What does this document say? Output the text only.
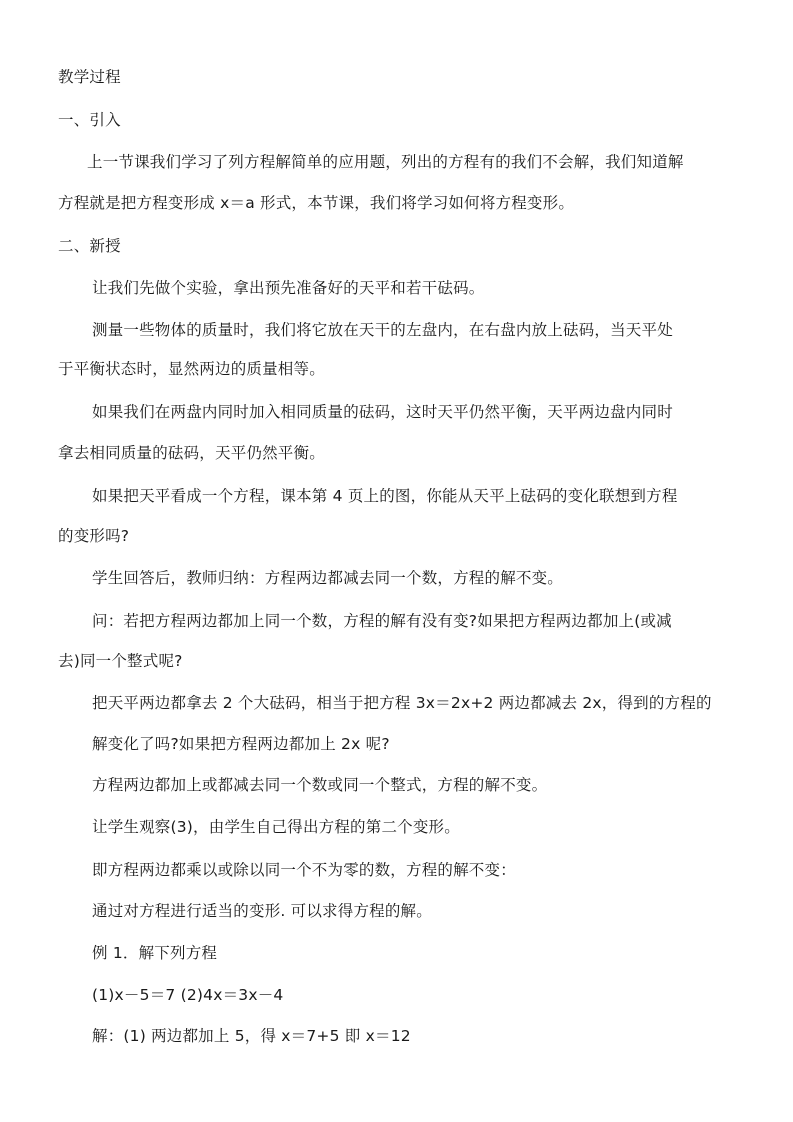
教学过程
一、引入
上一节课我们学习了列方程解简单的应用题，列出的方程有的我们不会解，我们知道解
方程就是把方程变形成 x＝a 形式，本节课，我们将学习如何将方程变形。
二、新授
让我们先做个实验，拿出预先准备好的天平和若干砝码。
测量一些物体的质量时，我们将它放在天干的左盘内，在右盘内放上砝码，当天平处
于平衡状态时，显然两边的质量相等。
如果我们在两盘内同时加入相同质量的砝码，这时天平仍然平衡，天平两边盘内同时
拿去相同质量的砝码，天平仍然平衡。
如果把天平看成一个方程，课本第 4 页上的图，你能从天平上砝码的变化联想到方程
的变形吗?
学生回答后，教师归纳：方程两边都减去同一个数，方程的解不变。
问：若把方程两边都加上同一个数，方程的解有没有变?如果把方程两边都加上(或减
去)同一个整式呢?
把天平两边都拿去 2 个大砝码，相当于把方程 3x＝2x+2 两边都减去 2x，得到的方程的
解变化了吗?如果把方程两边都加上 2x 呢?
方程两边都加上或都减去同一个数或同一个整式，方程的解不变。
让学生观察(3)，由学生自己得出方程的第二个变形。
即方程两边都乘以或除以同一个不为零的数，方程的解不变：
通过对方程进行适当的变形. 可以求得方程的解。
例 1．解下列方程
(1)x－5＝7 (2)4x＝3x－4
解：(1) 两边都加上 5，得 x＝7+5 即 x＝12
